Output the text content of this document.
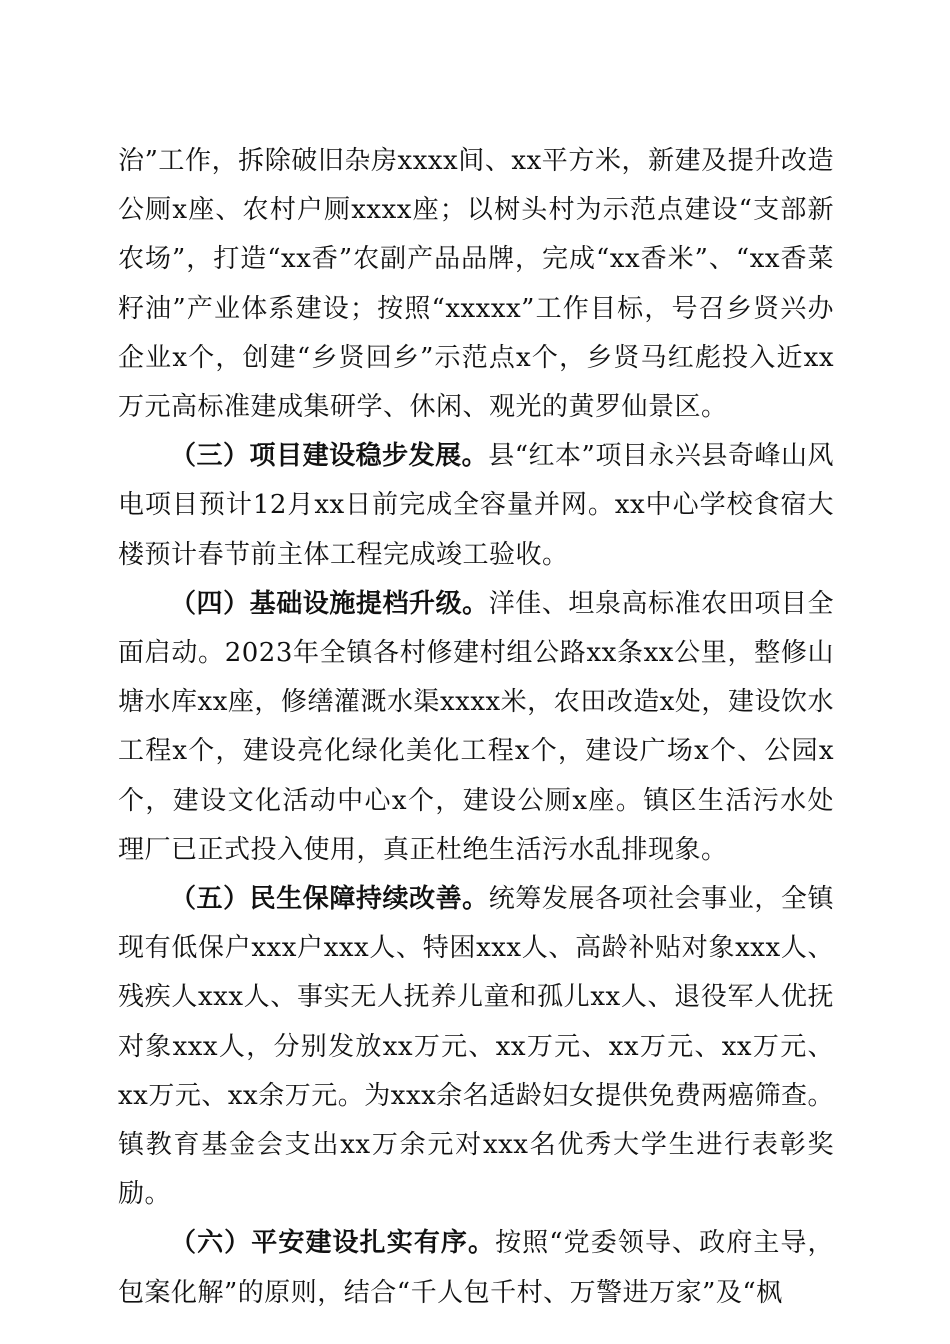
治”工作，拆除破旧杂房xxxx间、xx平方米，新建及提升改造公厕x座、农村户厕xxxx座；以树头村为示范点建设“支部新农场”，打造“xx香”农副产品品牌，完成“xx香米”、“xx香菜籽油”产业体系建设；按照“xxxxx”工作目标，号召乡贤兴办企业x个，创建“乡贤回乡”示范点x个，乡贤马红彪投入近xx万元高标准建成集研学、休闲、观光的黄罗仙景区。

（三）项目建设稳步发展。县“红本”项目永兴县奇峰山风电项目预计12月xx日前完成全容量并网。xx中心学校食宿大楼预计春节前主体工程完成竣工验收。

（四）基础设施提档升级。洋佳、坦泉高标准农田项目全面启动。2023年全镇各村修建村组公路xx条xx公里，整修山塘水库xx座，修缮灌溉水渠xxxx米，农田改造x处，建设饮水工程x个，建设亮化绿化美化工程x个，建设广场x个、公园x个，建设文化活动中心x个，建设公厕x座。镇区生活污水处理厂已正式投入使用，真正杜绝生活污水乱排现象。

（五）民生保障持续改善。统筹发展各项社会事业，全镇现有低保户xxx户xxx人、特困xxx人、高龄补贴对象xxx人、残疾人xxx人、事实无人抚养儿童和孤儿xx人、退役军人优抚对象xxx人，分别发放xx万元、xx万元、xx万元、xx万元、xx万元、xx余万元。为xxx余名适龄妇女提供免费两癌筛查。镇教育基金会支出xx万余元对xxx名优秀大学生进行表彰奖励。

（六）平安建设扎实有序。按照“党委领导、政府主导，包案化解”的原则，结合“千人包千村、万警进万家”及“枫
